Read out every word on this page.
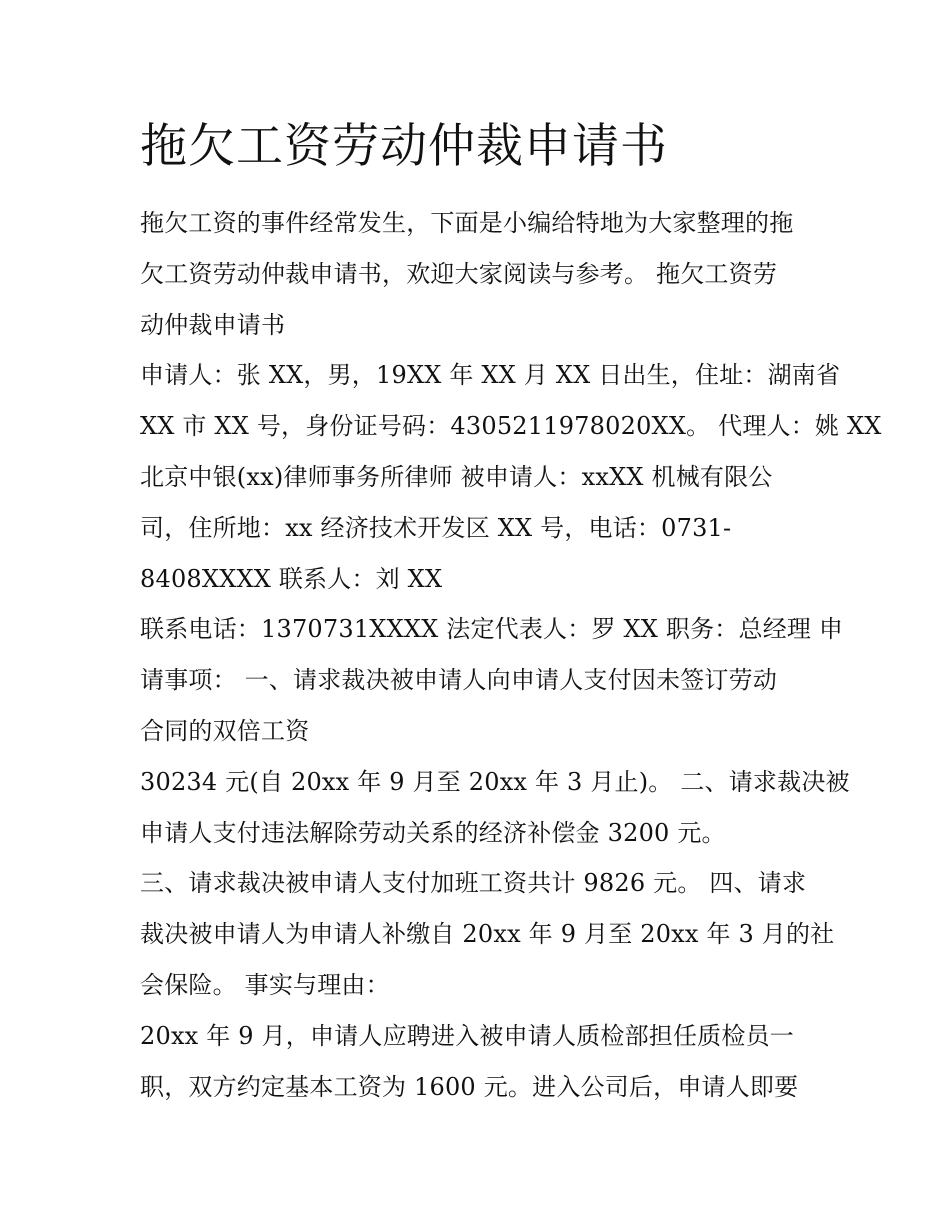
拖欠工资劳动仲裁申请书
拖欠工资的事件经常发生，下面是小编给特地为大家整理的拖
欠工资劳动仲裁申请书，欢迎大家阅读与参考。 拖欠工资劳
动仲裁申请书
申请人：张 XX，男，19XX 年 XX 月 XX 日出生，住址：湖南省
XX 市 XX 号，身份证号码：4305211978020XX。 代理人：姚 XX
北京中银(xx)律师事务所律师 被申请人：xxXX 机械有限公
司，住所地：xx 经济技术开发区 XX 号，电话：0731-
8408XXXX 联系人：刘 XX
联系电话：1370731XXXX 法定代表人：罗 XX 职务：总经理 申
请事项： 一、请求裁决被申请人向申请人支付因未签订劳动
合同的双倍工资
30234 元(自 20xx 年 9 月至 20xx 年 3 月止)。 二、请求裁决被
申请人支付违法解除劳动关系的经济补偿金 3200 元。
三、请求裁决被申请人支付加班工资共计 9826 元。 四、请求
裁决被申请人为申请人补缴自 20xx 年 9 月至 20xx 年 3 月的社
会保险。 事实与理由：
20xx 年 9 月，申请人应聘进入被申请人质检部担任质检员一
职，双方约定基本工资为 1600 元。进入公司后，申请人即要
